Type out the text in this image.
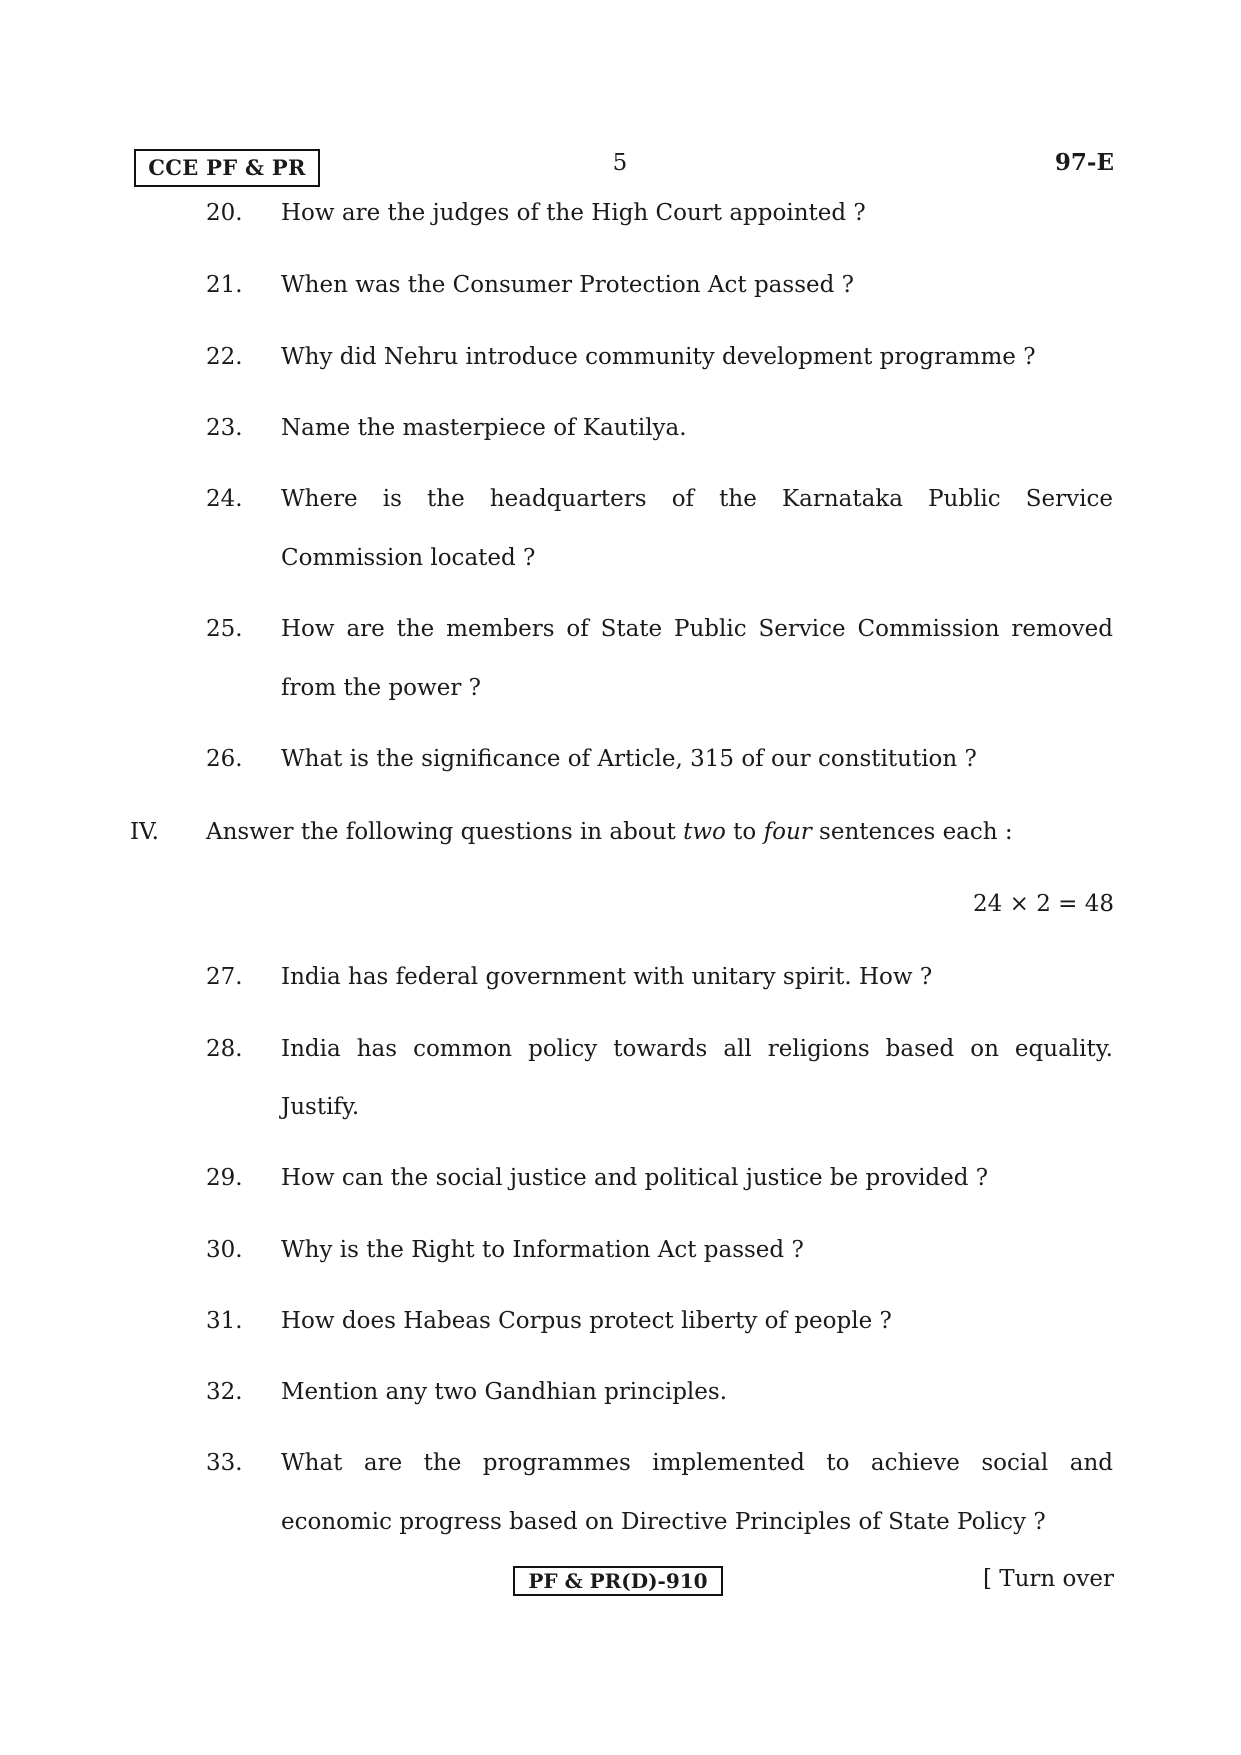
CCE PF & PR	5	97-E
20.	How are the judges of the High Court appointed ?
21.	When was the Consumer Protection Act passed ?
22.	Why did Nehru introduce community development programme ?
23.	Name the masterpiece of Kautilya.
24.	Where is the headquarters of the Karnataka Public Service
Commission located ?
25.	How are the members of State Public Service Commission removed
from the power ?
26.	What is the significance of Article, 315 of our constitution ?
IV. Answer the following questions in about two to four sentences each :
24 × 2 = 48
27.	India has federal government with unitary spirit. How ?
28.	India has common policy towards all religions based on equality.
Justify.
29.	How can the social justice and political justice be provided ?
30.	Why is the Right to Information Act passed ?
31.	How does Habeas Corpus protect liberty of people ?
32.	Mention any two Gandhian principles.
33.	What are the programmes implemented to achieve social and
economic progress based on Directive Principles of State Policy ?
PF & PR(D)-910	[ Turn over
